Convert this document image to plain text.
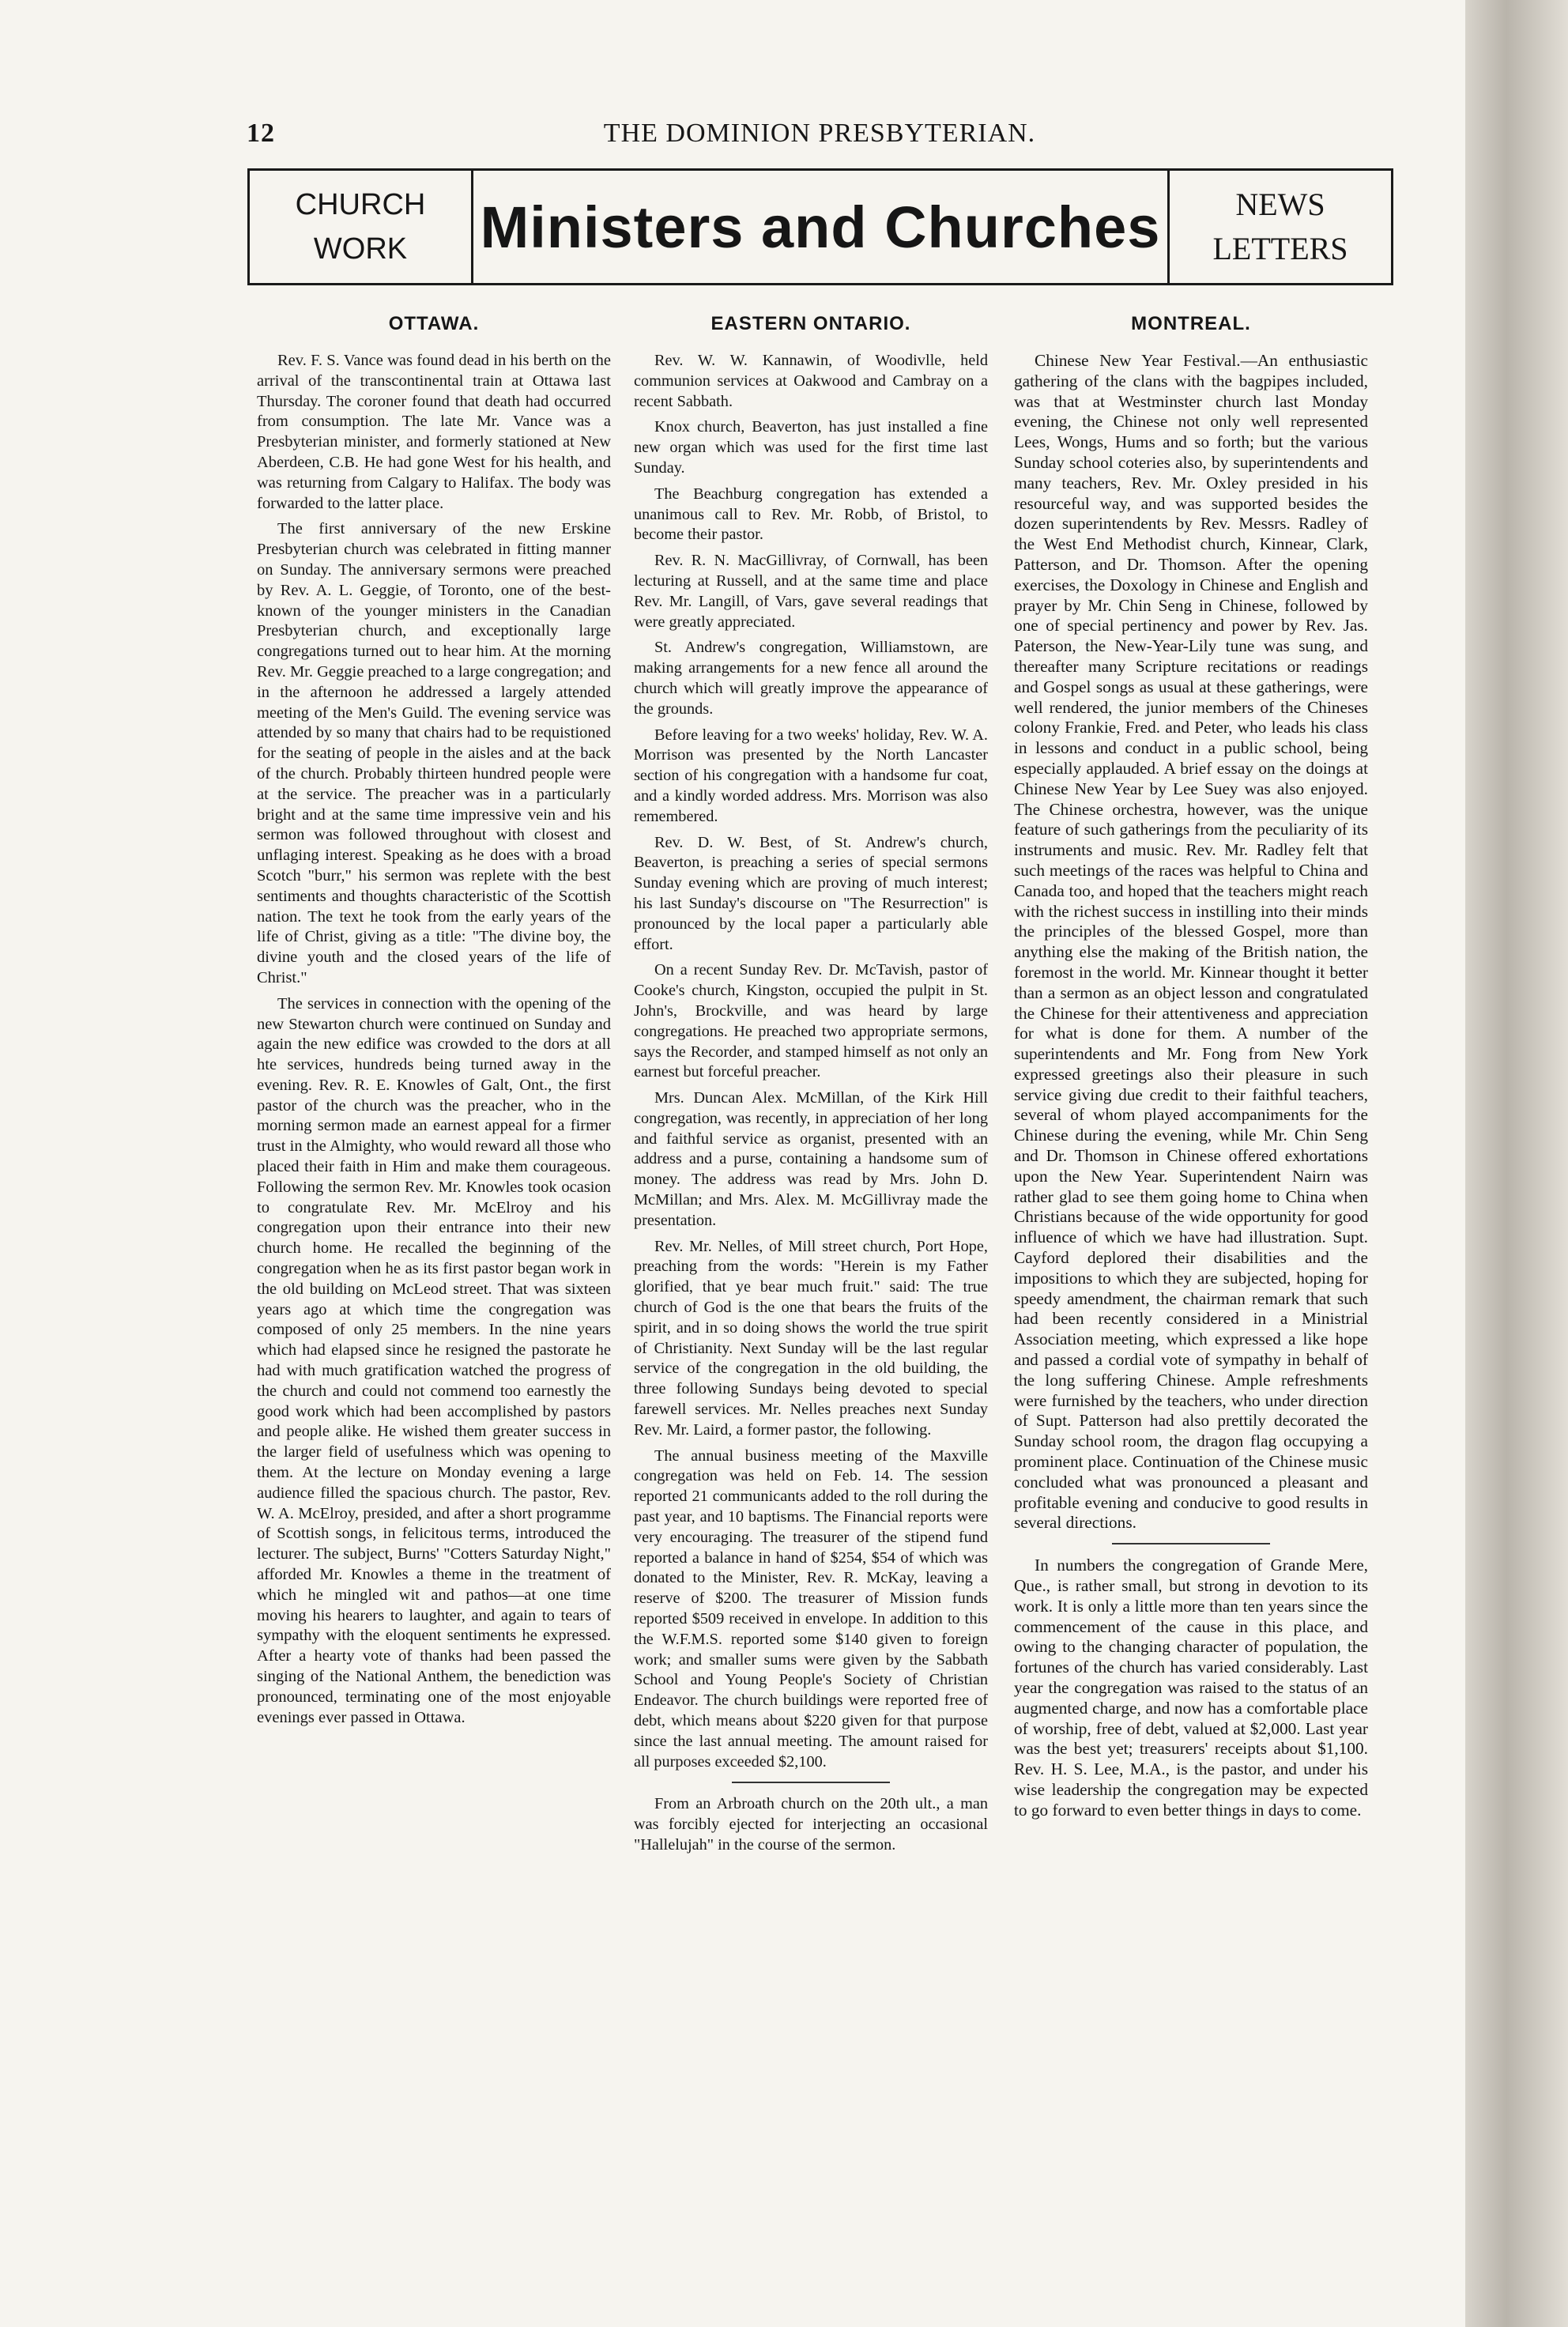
12	THE DOMINION PRESBYTERIAN.
CHURCH
WORK	Ministers and Churches	NEWS
LETTERS
OTTAWA.

Rev. F. S. Vance was found dead in his berth on the arrival of the transcontinental train at Ottawa last Thursday. The coroner found that death had occurred from consumption. The late Mr. Vance was a Presbyterian minister, and formerly stationed at New Aberdeen, C.B. He had gone West for his health, and was returning from Calgary to Halifax. The body was forwarded to the latter place.

The first anniversary of the new Erskine Presbyterian church was celebrated in fitting manner on Sunday. The anniversary sermons were preached by Rev. A. L. Geggie, of Toronto, one of the best-known of the younger ministers in the Canadian Presbyterian church, and exceptionally large congregations turned out to hear him. At the morning Rev. Mr. Geggie preached to a large congregation; and in the afternoon he addressed a largely attended meeting of the Men's Guild. The evening service was attended by so many that chairs had to be requistioned for the seating of people in the aisles and at the back of the church. Probably thirteen hundred people were at the service. The preacher was in a particularly bright and at the same time impressive vein and his sermon was followed throughout with closest and unflaging interest. Speaking as he does with a broad Scotch "burr," his sermon was replete with the best sentiments and thoughts characteristic of the Scottish nation. The text he took from the early years of the life of Christ, giving as a title: "The divine boy, the divine youth and the closed years of the life of Christ."

The services in connection with the opening of the new Stewarton church were continued on Sunday and again the new edifice was crowded to the dors at all hte services, hundreds being turned away in the evening. Rev. R. E. Knowles of Galt, Ont., the first pastor of the church was the preacher, who in the morning sermon made an earnest appeal for a firmer trust in the Almighty, who would reward all those who placed their faith in Him and make them courageous. Following the sermon Rev. Mr. Knowles took ocasion to congratulate Rev. Mr. McElroy and his congregation upon their entrance into their new church home. He recalled the beginning of the congregation when he as its first pastor began work in the old building on McLeod street. That was sixteen years ago at which time the congregation was composed of only 25 members. In the nine years which had elapsed since he resigned the pastorate he had with much gratification watched the progress of the church and could not commend too earnestly the good work which had been accomplished by pastors and people alike. He wished them greater success in the larger field of usefulness which was opening to them. At the lecture on Monday evening a large audience filled the spacious church. The pastor, Rev. W. A. McElroy, presided, and after a short programme of Scottish songs, in felicitous terms, introduced the lecturer. The subject, Burns' "Cotters Saturday Night," afforded Mr. Knowles a theme in the treatment of which he mingled wit and pathos—at one time moving his hearers to laughter, and again to tears of sympathy with the eloquent sentiments he expressed. After a hearty vote of thanks had been passed the singing of the National Anthem, the benediction was pronounced, terminating one of the most enjoyable evenings ever passed in Ottawa.

EASTERN ONTARIO.

Rev. W. W. Kannawin, of Woodivlle, held communion services at Oakwood and Cambray on a recent Sabbath.

Knox church, Beaverton, has just installed a fine new organ which was used for the first time last Sunday.

The Beachburg congregation has extended a unanimous call to Rev. Mr. Robb, of Bristol, to become their pastor.

Rev. R. N. MacGillivray, of Cornwall, has been lecturing at Russell, and at the same time and place Rev. Mr. Langill, of Vars, gave several readings that were greatly appreciated.

St. Andrew's congregation, Williamstown, are making arrangements for a new fence all around the church which will greatly improve the appearance of the grounds.

Before leaving for a two weeks' holiday, Rev. W. A. Morrison was presented by the North Lancaster section of his congregation with a handsome fur coat, and a kindly worded address. Mrs. Morrison was also remembered.

Rev. D. W. Best, of St. Andrew's church, Beaverton, is preaching a series of special sermons Sunday evening which are proving of much interest; his last Sunday's discourse on "The Resurrection" is pronounced by the local paper a particularly able effort.

On a recent Sunday Rev. Dr. McTavish, pastor of Cooke's church, Kingston, occupied the pulpit in St. John's, Brockville, and was heard by large congregations. He preached two appropriate sermons, says the Recorder, and stamped himself as not only an earnest but forceful preacher.

Mrs. Duncan Alex. McMillan, of the Kirk Hill congregation, was recently, in appreciation of her long and faithful service as organist, presented with an address and a purse, containing a handsome sum of money. The address was read by Mrs. John D. McMillan; and Mrs. Alex. M. McGillivray made the presentation.

Rev. Mr. Nelles, of Mill street church, Port Hope, preaching from the words: "Herein is my Father glorified, that ye bear much fruit." said: The true church of God is the one that bears the fruits of the spirit, and in so doing shows the world the true spirit of Christianity. Next Sunday will be the last regular service of the congregation in the old building, the three following Sundays being devoted to special farewell services. Mr. Nelles preaches next Sunday Rev. Mr. Laird, a former pastor, the following.

The annual business meeting of the Maxville congregation was held on Feb. 14. The session reported 21 communicants added to the roll during the past year, and 10 baptisms. The Financial reports were very encouraging. The treasurer of the stipend fund reported a balance in hand of $254, $54 of which was donated to the Minister, Rev. R. McKay, leaving a reserve of $200. The treasurer of Mission funds reported $509 received in envelope. In addition to this the W.F.M.S. reported some $140 given to foreign work; and smaller sums were given by the Sabbath School and Young People's Society of Christian Endeavor. The church buildings were reported free of debt, which means about $220 given for that purpose since the last annual meeting. The amount raised for all purposes exceeded $2,100.

From an Arbroath church on the 20th ult., a man was forcibly ejected for interjecting an occasional "Hallelujah" in the course of the sermon.

MONTREAL.

Chinese New Year Festival.—An enthusiastic gathering of the clans with the bagpipes included, was that at Westminster church last Monday evening, the Chinese not only well represented Lees, Wongs, Hums and so forth; but the various Sunday school coteries also, by superintendents and many teachers, Rev. Mr. Oxley presided in his resourceful way, and was supported besides the dozen superintendents by Rev. Messrs. Radley of the West End Methodist church, Kinnear, Clark, Patterson, and Dr. Thomson. After the opening exercises, the Doxology in Chinese and English and prayer by Mr. Chin Seng in Chinese, followed by one of special pertinency and power by Rev. Jas. Paterson, the New-Year-Lily tune was sung, and thereafter many Scripture recitations or readings and Gospel songs as usual at these gatherings, were well rendered, the junior members of the Chineses colony Frankie, Fred. and Peter, who leads his class in lessons and conduct in a public school, being especially applauded. A brief essay on the doings at Chinese New Year by Lee Suey was also enjoyed. The Chinese orchestra, however, was the unique feature of such gatherings from the peculiarity of its instruments and music. Rev. Mr. Radley felt that such meetings of the races was helpful to China and Canada too, and hoped that the teachers might reach with the richest success in instilling into their minds the principles of the blessed Gospel, more than anything else the making of the British nation, the foremost in the world. Mr. Kinnear thought it better than a sermon as an object lesson and congratulated the Chinese for their attentiveness and appreciation for what is done for them. A number of the superintendents and Mr. Fong from New York expressed greetings also their pleasure in such service giving due credit to their faithful teachers, several of whom played accompaniments for the Chinese during the evening, while Mr. Chin Seng and Dr. Thomson in Chinese offered exhortations upon the New Year. Superintendent Nairn was rather glad to see them going home to China when Christians because of the wide opportunity for good influence of which we have had illustration. Supt. Cayford deplored their disabilities and the impositions to which they are subjected, hoping for speedy amendment, the chairman remark that such had been recently considered in a Ministrial Association meeting, which expressed a like hope and passed a cordial vote of sympathy in behalf of the long suffering Chinese. Ample refreshments were furnished by the teachers, who under direction of Supt. Patterson had also prettily decorated the Sunday school room, the dragon flag occupying a prominent place. Continuation of the Chinese music concluded what was pronounced a pleasant and profitable evening and conducive to good results in several directions.

In numbers the congregation of Grande Mere, Que., is rather small, but strong in devotion to its work. It is only a little more than ten years since the commencement of the cause in this place, and owing to the changing character of population, the fortunes of the church has varied considerably. Last year the congregation was raised to the status of an augmented charge, and now has a comfortable place of worship, free of debt, valued at $2,000. Last year was the best yet; treasurers' receipts about $1,100. Rev. H. S. Lee, M.A., is the pastor, and under his wise leadership the congregation may be expected to go forward to even better things in days to come.
